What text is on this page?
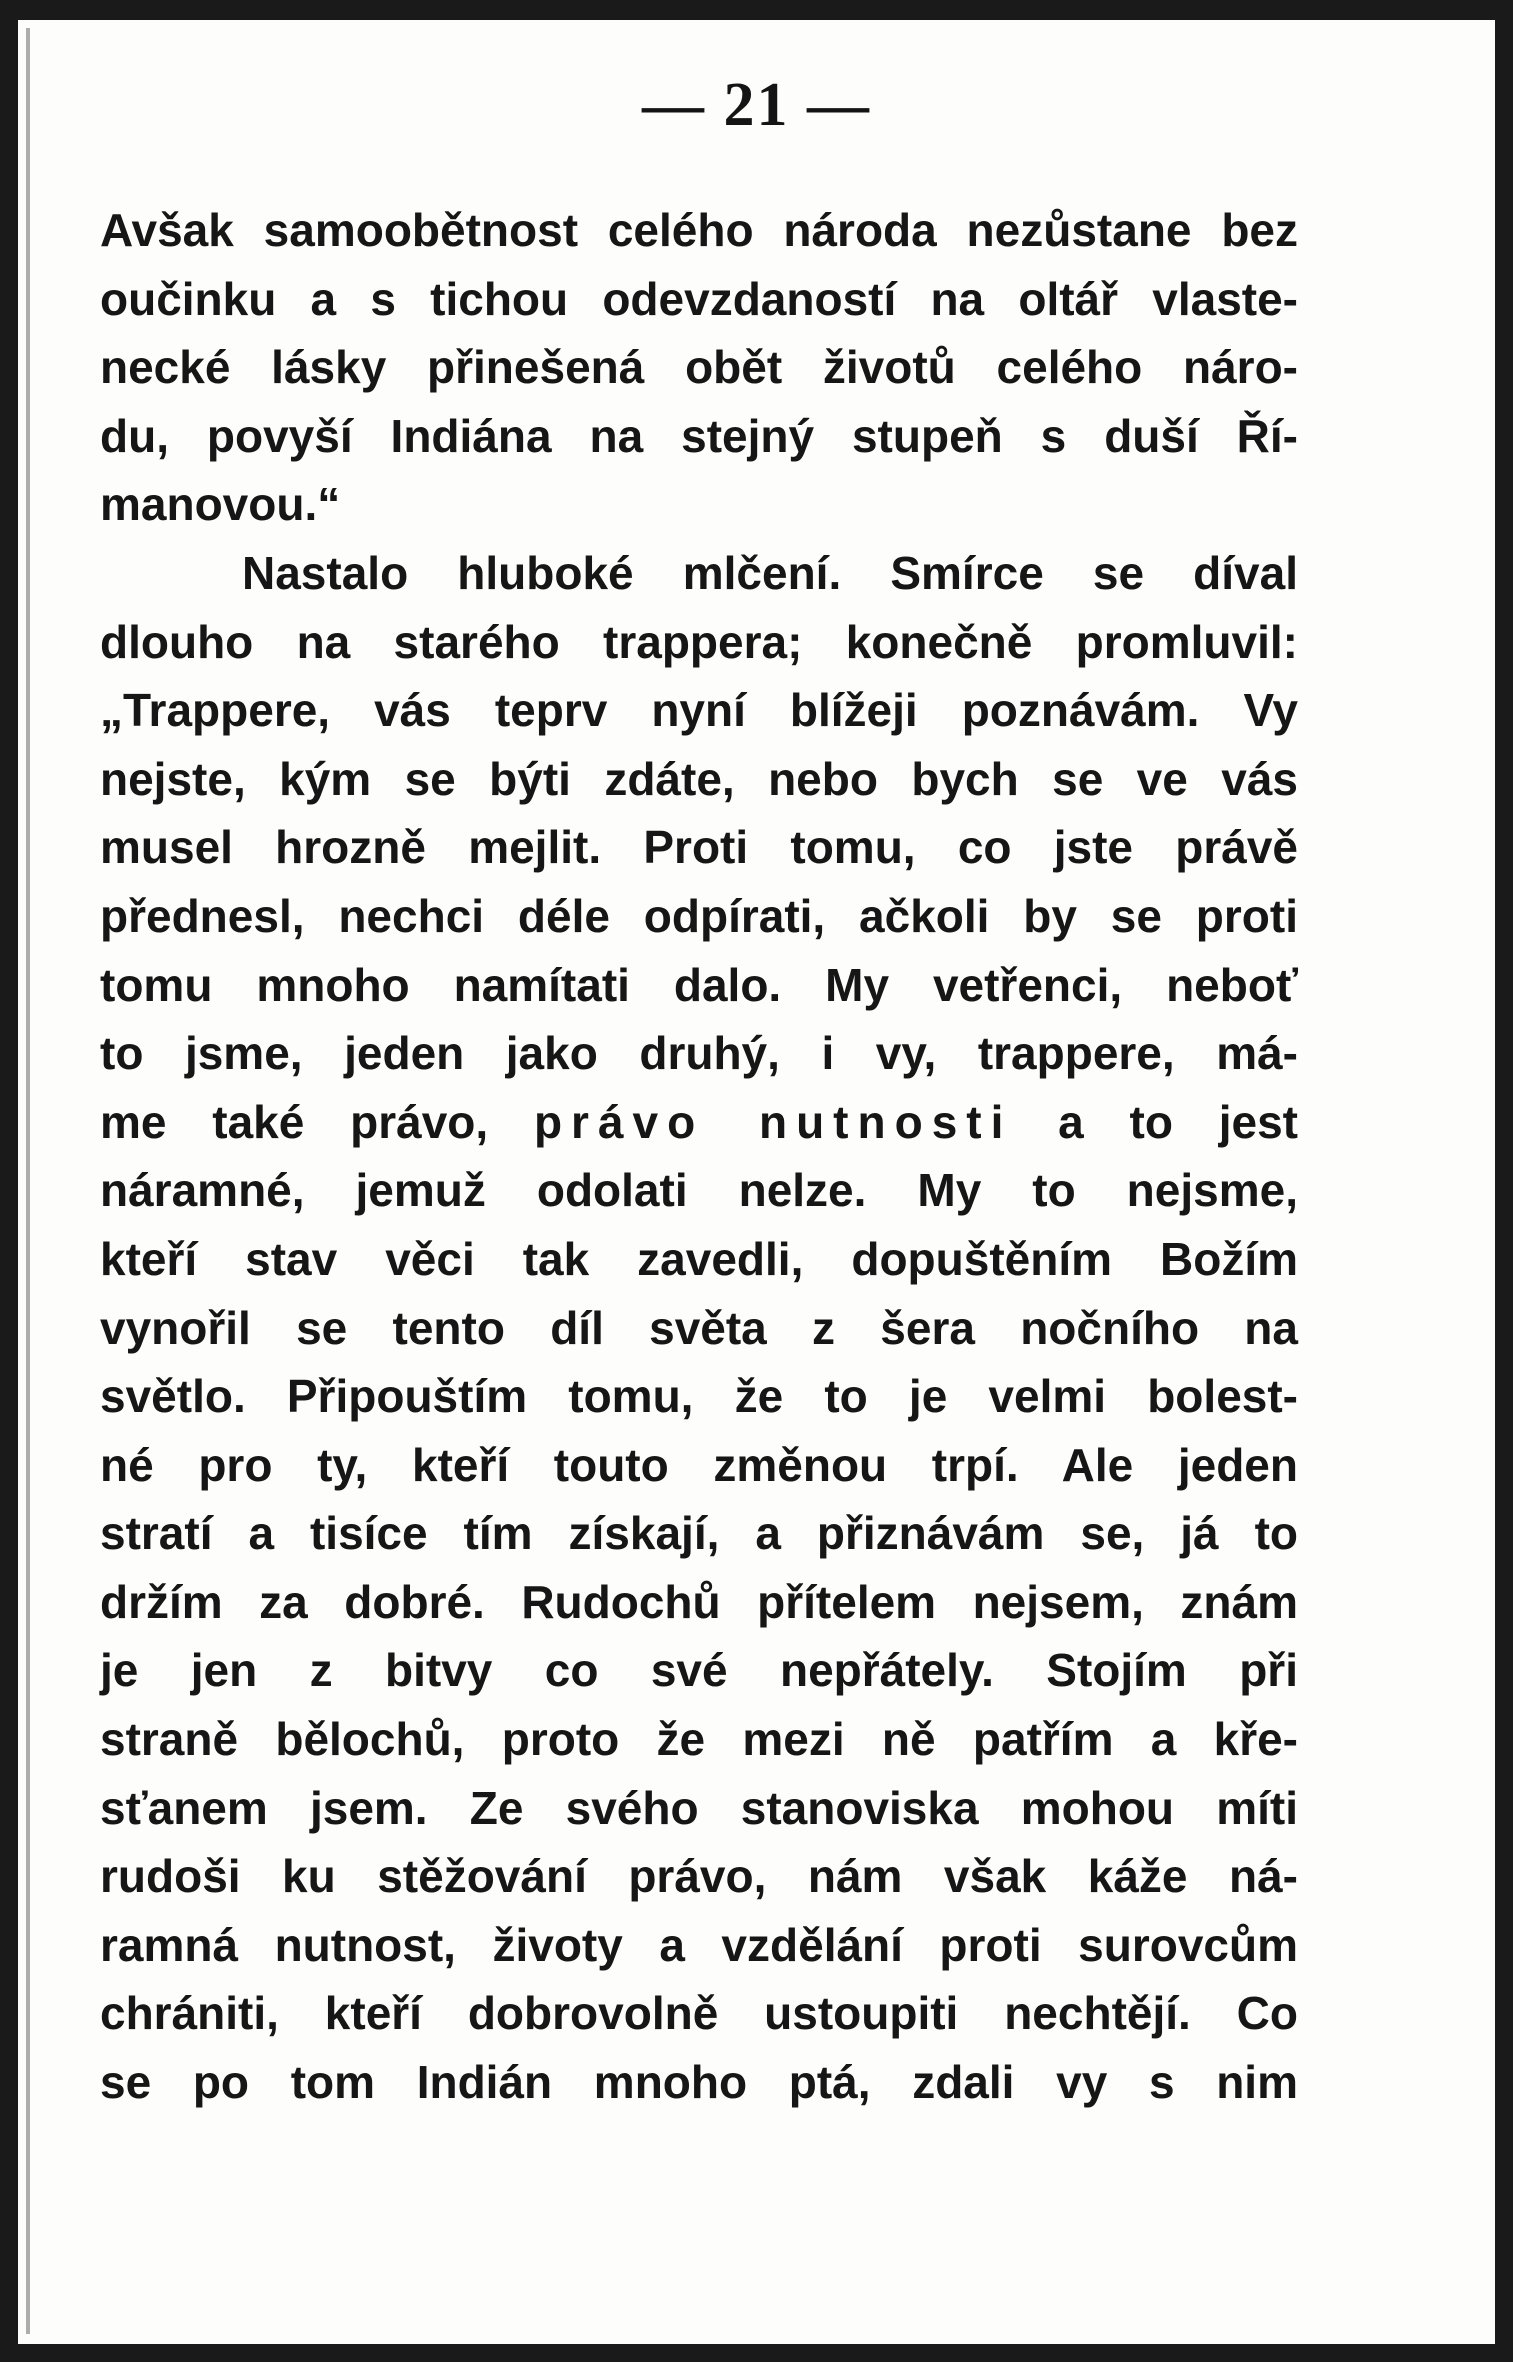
— 21 —
Avšak samoobětnost celého národa nezůstane bez
oučinku a s tichou odevzdaností na oltář vlaste-
necké lásky přinešená obět životů celého náro-
du, povyší Indiána na stejný stupeň s duší Ří-
manovou.“
Nastalo hluboké mlčení. Smírce se díval
dlouho na starého trappera; konečně promluvil:
„Trappere, vás teprv nyní blížeji poznávám. Vy
nejste, kým se býti zdáte, nebo bych se ve vás
musel hrozně mejlit. Proti tomu, co jste právě
přednesl, nechci déle odpírati, ačkoli by se proti
tomu mnoho namítati dalo. My vetřenci, neboť
to jsme, jeden jako druhý, i vy, trappere, má-
me také právo, právo nutnosti a to jest
náramné, jemuž odolati nelze. My to nejsme,
kteří stav věci tak zavedli, dopuštěním Božím
vynořil se tento díl světa z šera nočního na
světlo. Připouštím tomu, že to je velmi bolest-
né pro ty, kteří touto změnou trpí. Ale jeden
stratí a tisíce tím získají, a přiznávám se, já to
držím za dobré. Rudochů přítelem nejsem, znám
je jen z bitvy co své nepřátely. Stojím při
straně bělochů, proto že mezi ně patřím a kře-
sťanem jsem. Ze svého stanoviska mohou míti
rudoši ku stěžování právo, nám však káže ná-
ramná nutnost, životy a vzdělání proti surovcům
chrániti, kteří dobrovolně ustoupiti nechtějí. Co
se po tom Indián mnoho ptá, zdali vy s nim
